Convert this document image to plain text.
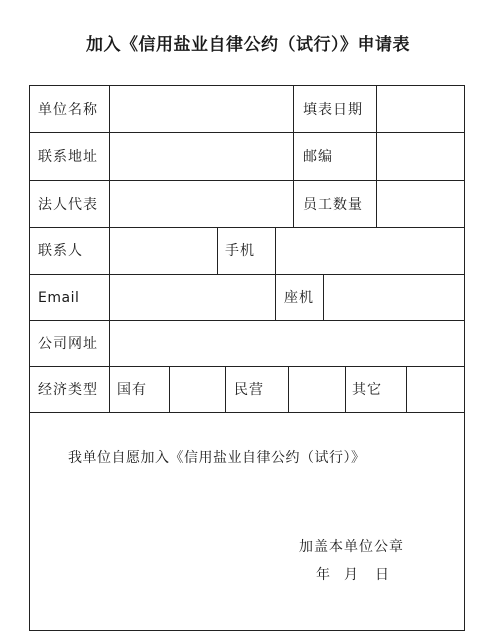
加入《信用盐业自律公约（试行）》申请表
单位名称	填表日期
联系地址	邮编
法人代表	员工数量
联系人	手机
Email	座机
公司网址
经济类型 国有	民营	其它
我单位自愿加入《信用盐业自律公约（试行）》
加盖本单位公章
年 月 日
